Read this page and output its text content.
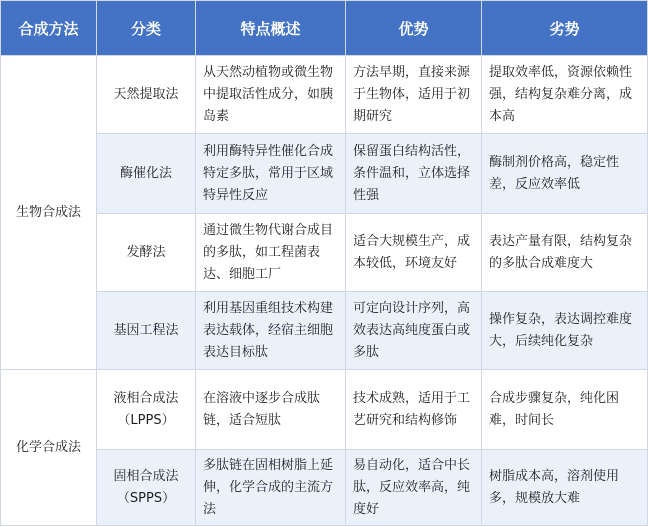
合成方法	分类	特点概述	优势	劣势
生物合成法	天然提取法	从天然动植物或微生物中提取活性成分，如胰岛素	方法早期，直接来源于生物体，适用于初期研究	提取效率低，资源依赖性强，结构复杂难分离，成本高
	酶催化法	利用酶特异性催化合成特定多肽，常用于区域特异性反应	保留蛋白结构活性，条件温和，立体选择性强	酶制剂价格高，稳定性差，反应效率低
	发酵法	通过微生物代谢合成目的多肽，如工程菌表达、细胞工厂	适合大规模生产，成本较低，环境友好	表达产量有限，结构复杂的多肽合成难度大
	基因工程法	利用基因重组技术构建表达载体，经宿主细胞表达目标肽	可定向设计序列，高效表达高纯度蛋白或多肽	操作复杂，表达调控难度大，后续纯化复杂
化学合成法	液相合成法（LPPS）	在溶液中逐步合成肽链，适合短肽	技术成熟，适用于工艺研究和结构修饰	合成步骤复杂，纯化困难，时间长
	固相合成法（SPPS）	多肽链在固相树脂上延伸，化学合成的主流方法	易自动化，适合中长肽，反应效率高，纯度好	树脂成本高，溶剂使用多，规模放大难
